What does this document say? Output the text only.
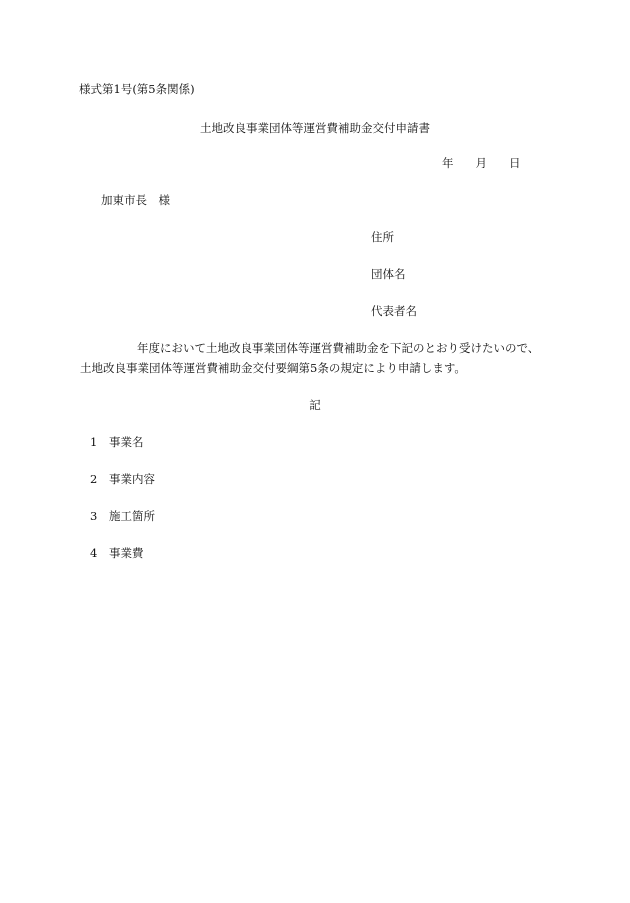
様式第1号(第5条関係)
土地改良事業団体等運営費補助金交付申請書
年 月 日
加東市長　様
住所
団体名
代表者名
年度において土地改良事業団体等運営費補助金を下記のとおり受けたいので、
土地改良事業団体等運営費補助金交付要綱第5条の規定により申請します。
記
1 事業名
2 事業内容
3 施工箇所
4 事業費
